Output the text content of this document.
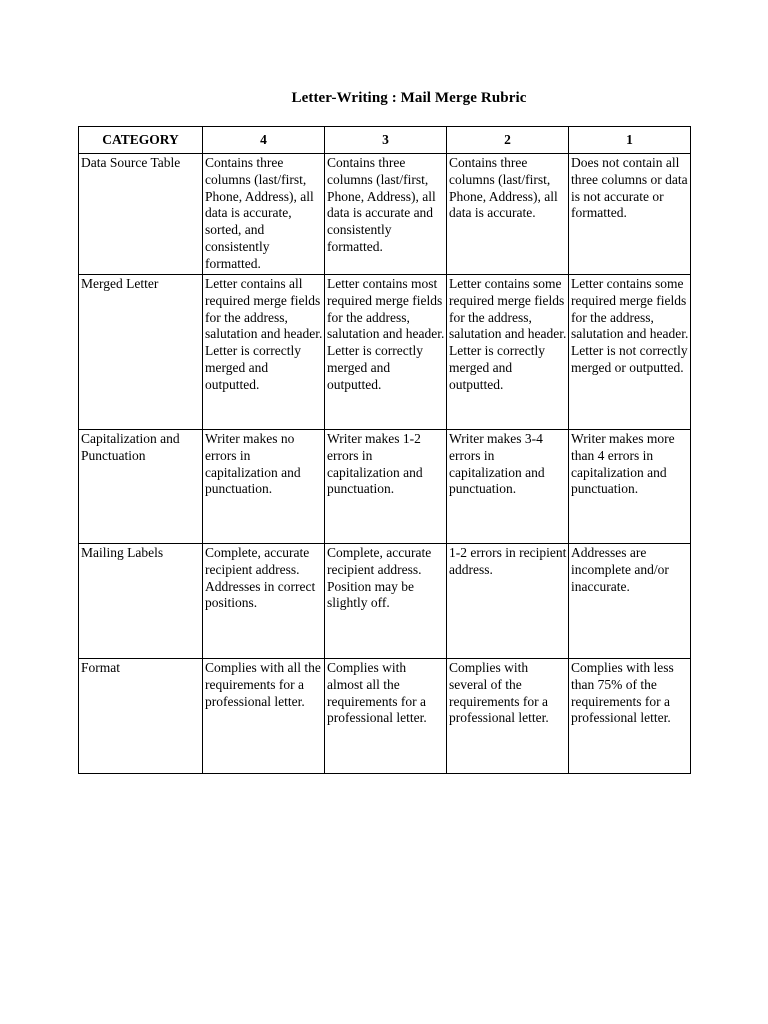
Letter-Writing : Mail Merge Rubric
CATEGORY	4	3	2	1
Data Source Table	Contains three columns (last/first, Phone, Address), all data is accurate, sorted, and consistently formatted.	Contains three columns (last/first, Phone, Address), all data is accurate and consistently formatted.	Contains three columns (last/first, Phone, Address), all data is accurate.	Does not contain all three columns or data is not accurate or formatted.
Merged Letter	Letter contains all required merge fields for the address, salutation and header. Letter is correctly merged and outputted.	Letter contains most required merge fields for the address, salutation and header. Letter is correctly merged and outputted.	Letter contains some required merge fields for the address, salutation and header. Letter is correctly merged and outputted.	Letter contains some required merge fields for the address, salutation and header. Letter is not correctly merged or outputted.
Capitalization and Punctuation	Writer makes no errors in capitalization and punctuation.	Writer makes 1-2 errors in capitalization and punctuation.	Writer makes 3-4 errors in capitalization and punctuation.	Writer makes more than 4 errors in capitalization and punctuation.
Mailing Labels	Complete, accurate recipient address. Addresses in correct positions.	Complete, accurate recipient address. Position may be slightly off.	1-2 errors in recipient address.	Addresses are incomplete and/or inaccurate.
Format	Complies with all the requirements for a professional letter.	Complies with almost all the requirements for a professional letter.	Complies with several of the requirements for a professional letter.	Complies with less than 75% of the requirements for a professional letter.
